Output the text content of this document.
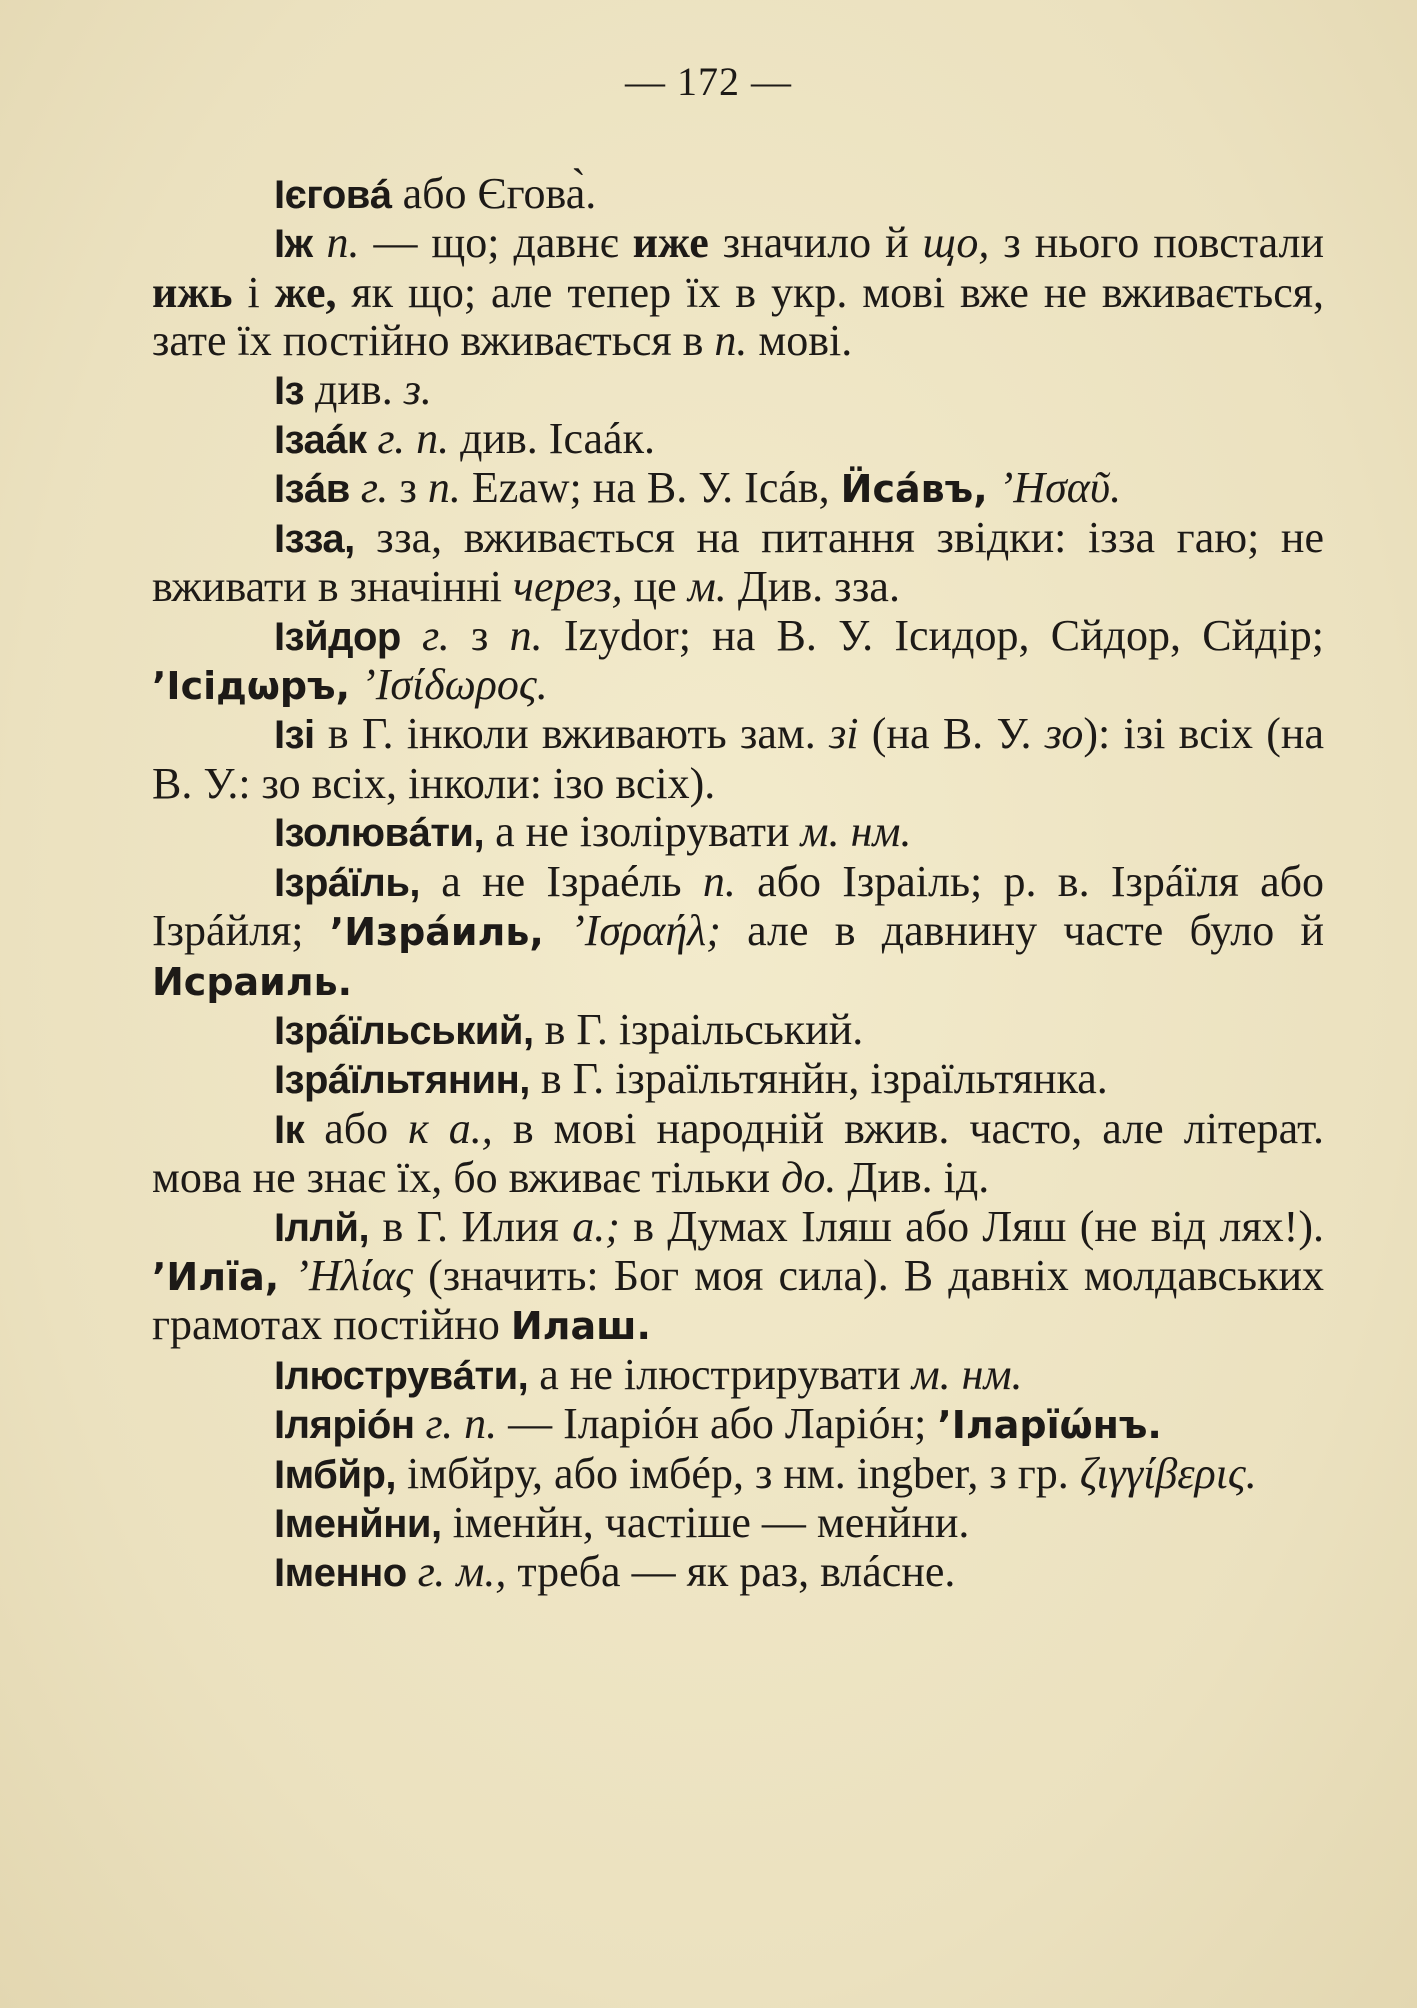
— 172 —

Ієговá або Єгова̀.

Іж п. — що; давнє иже значило й що, з нього повстали ижь і же, як що; але тепер їх в укр. мові вже не вживається, зате їх постійно вживається в п. мові.

Із див. з.

Ізаáк г. п. див. Ісаáк.

Ізáв г. з п. Ezaw; на В. У. Ісáв, Ӥсáвъ, ʼΗσαῦ.

Ізза, зза, вживається на питання звідки: ізза гаю; не вживати в значінні через, це м. Див. зза.

Ізйдор г. з п. Izydor; на В. У. Ісидор, Сйдор, Сйдір; ʼІсідѡръ, ʼΙσίδωρος.

Ізі в Г. інколи вживають зам. зі (на В. У. зо): ізі всіх (на В. У.: зо всіх, інколи: ізо всіх).

Ізолювáти, а не ізолірувати м. нм.

Ізрáїль, а не Ізраéль п. або Ізраіль; р. в. Ізрáїля або Ізрáйля; ʼИзрáиль, ʼΙσραήλ; але в давнину часте було й Исраиль.

Ізрáїльський, в Г. ізраільський.

Ізрáїльтянин, в Г. ізраїльтянйн, ізраїльтянка.

Ік або к а., в мові народній вжив. часто, але літерат. мова не знає їх, бо вживає тільки до. Див. ід.

Іллй, в Г. Илия а.; в Думах Іляш або Ляш (не від лях!). ʼИлїа, ʼΗλίας (значить: Бог моя сила). В давніх молдавських грамотах постійно Илаш.

Ілюструвáти, а не ілюстрирувати м. нм.

Ілярióн г. п. — Іларіóн або Ларіóн; ʼІларїѡ́нъ.

Імбйр, імбйру, або імбéр, з нм. ingber, з гр. ζιγγίβερις.

Іменйни, іменйн, частіше — менйни.

Іменно г. м., треба — як раз, влáсне.
